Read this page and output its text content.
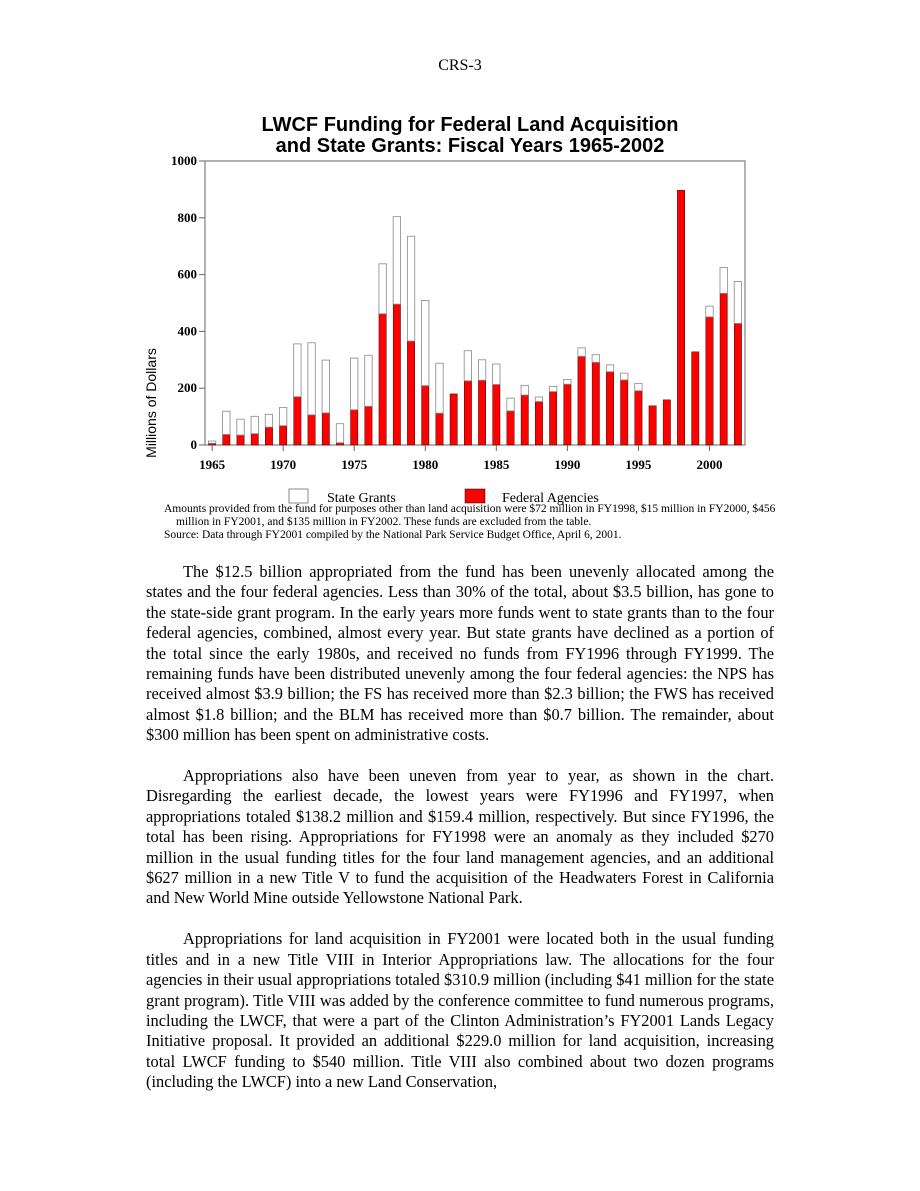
CRS-3
LWCF Funding for Federal Land Acquisition
and State Grants: Fiscal Years 1965-2002
0
200
400
600
800
1000
1965	1970	1975	1980	1985	1990	1995	2000
Millions of Dollars
State Grants	Federal Agencies
Amounts provided from the fund for purposes other than land acquisition were $72 million in FY1998, $15 million in FY2000, $456 million in FY2001, and $135 million in FY2002. These funds are excluded from the table.
Source: Data through FY2001 compiled by the National Park Service Budget Office, April 6, 2001.

The $12.5 billion appropriated from the fund has been unevenly allocated among the states and the four federal agencies. Less than 30% of the total, about $3.5 billion, has gone to the state-side grant program. In the early years more funds went to state grants than to the four federal agencies, combined, almost every year. But state grants have declined as a portion of the total since the early 1980s, and received no funds from FY1996 through FY1999. The remaining funds have been distributed unevenly among the four federal agencies: the NPS has received almost $3.9 billion; the FS has received more than $2.3 billion; the FWS has received almost $1.8 billion; and the BLM has received more than $0.7 billion. The remainder, about $300 million has been spent on administrative costs.

Appropriations also have been uneven from year to year, as shown in the chart. Disregarding the earliest decade, the lowest years were FY1996 and FY1997, when appropriations totaled $138.2 million and $159.4 million, respectively. But since FY1996, the total has been rising. Appropriations for FY1998 were an anomaly as they included $270 million in the usual funding titles for the four land management agencies, and an additional $627 million in a new Title V to fund the acquisition of the Headwaters Forest in California and New World Mine outside Yellowstone National Park.

Appropriations for land acquisition in FY2001 were located both in the usual funding titles and in a new Title VIII in Interior Appropriations law. The allocations for the four agencies in their usual appropriations totaled $310.9 million (including $41 million for the state grant program). Title VIII was added by the conference committee to fund numerous programs, including the LWCF, that were a part of the Clinton Administration’s FY2001 Lands Legacy Initiative proposal. It provided an additional $229.0 million for land acquisition, increasing total LWCF funding to $540 million. Title VIII also combined about two dozen programs (including the LWCF) into a new Land Conservation,
